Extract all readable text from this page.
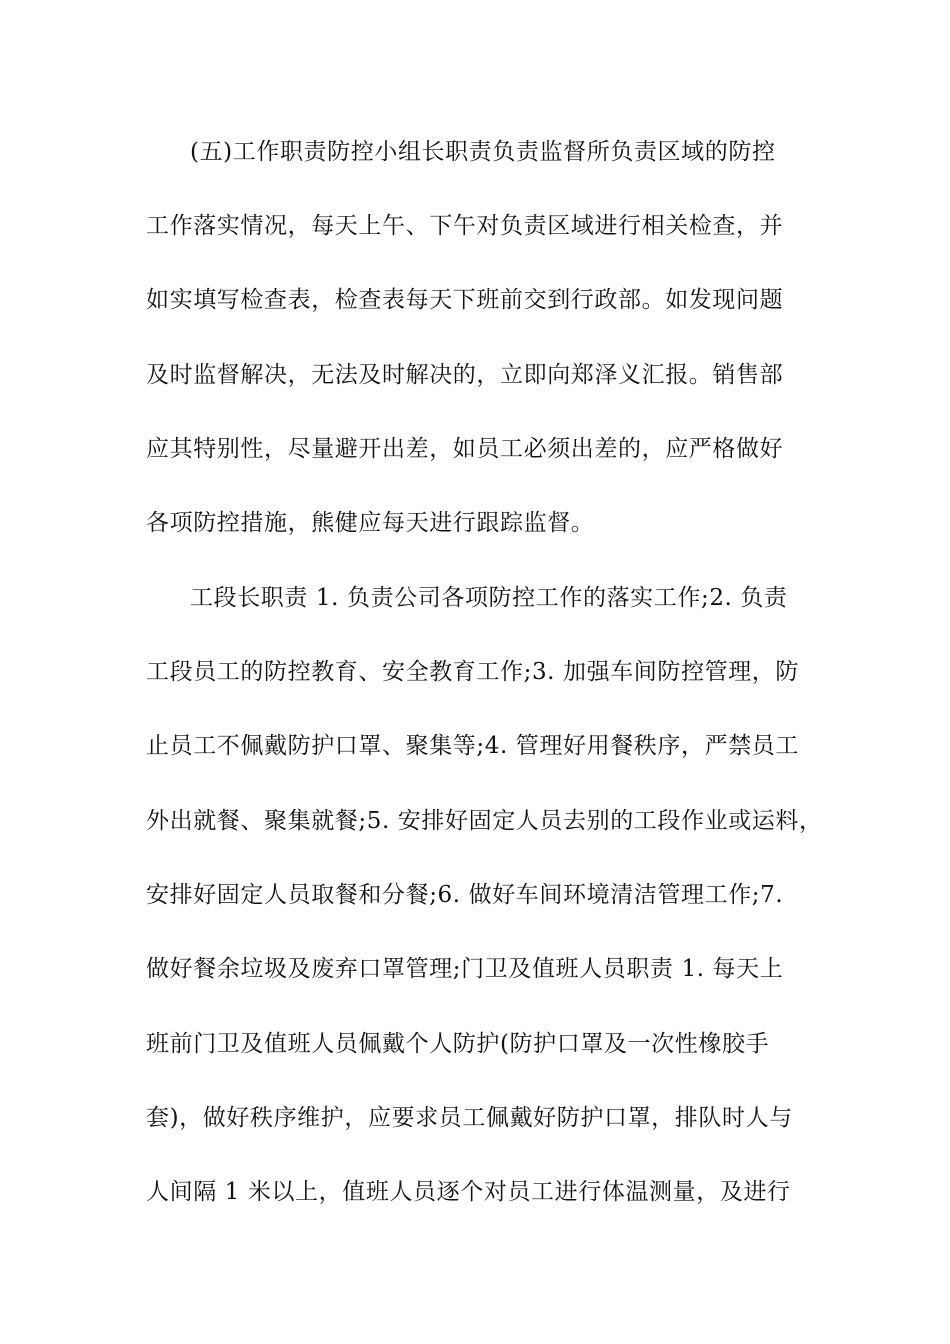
(五)工作职责防控小组长职责负责监督所负责区域的防控
工作落实情况，每天上午、下午对负责区域进行相关检查，并
如实填写检查表，检查表每天下班前交到行政部。如发现问题
及时监督解决，无法及时解决的，立即向郑泽义汇报。销售部
应其特别性，尽量避开出差，如员工必须出差的，应严格做好
各项防控措施，熊健应每天进行跟踪监督。
工段长职责 1. 负责公司各项防控工作的落实工作;2. 负责
工段员工的防控教育、安全教育工作;3. 加强车间防控管理，防
止员工不佩戴防护口罩、聚集等;4. 管理好用餐秩序，严禁员工
外出就餐、聚集就餐;5. 安排好固定人员去别的工段作业或运料，
安排好固定人员取餐和分餐;6. 做好车间环境清洁管理工作;7.
做好餐余垃圾及废弃口罩管理;门卫及值班人员职责 1. 每天上
班前门卫及值班人员佩戴个人防护(防护口罩及一次性橡胶手
套)，做好秩序维护，应要求员工佩戴好防护口罩，排队时人与
人间隔 1 米以上，值班人员逐个对员工进行体温测量，及进行
